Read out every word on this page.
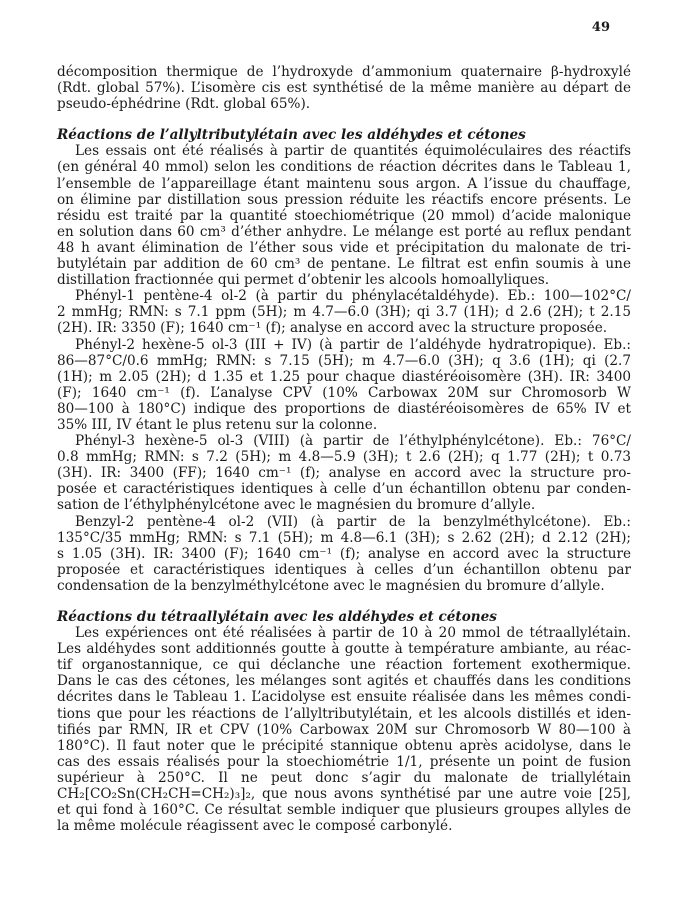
49
décomposition thermique de l’hydroxyde d’ammonium quaternaire β-hydroxylé
(Rdt. global 57%). L’isomère cis est synthétisé de la même manière au départ de
pseudo-éphédrine (Rdt. global 65%).
Réactions de l’allyltributylétain avec les aldéhydes et cétones
Les essais ont été réalisés à partir de quantités équimoléculaires des réactifs
(en général 40 mmol) selon les conditions de réaction décrites dans le Tableau 1,
l’ensemble de l’appareillage étant maintenu sous argon. A l’issue du chauffage,
on élimine par distillation sous pression réduite les réactifs encore présents. Le
résidu est traité par la quantité stoechiométrique (20 mmol) d’acide malonique
en solution dans 60 cm³ d’éther anhydre. Le mélange est porté au reflux pendant
48 h avant élimination de l’éther sous vide et précipitation du malonate de tri-
butylétain par addition de 60 cm³ de pentane. Le filtrat est enfin soumis à une
distillation fractionnée qui permet d’obtenir les alcools homoallyliques.
Phényl-1 pentène-4 ol-2 (à partir du phénylacétaldéhyde). Eb.: 100—102°C/
2 mmHg; RMN: s 7.1 ppm (5H); m 4.7—6.0 (3H); qi 3.7 (1H); d 2.6 (2H); t 2.15
(2H). IR: 3350 (F); 1640 cm⁻¹ (f); analyse en accord avec la structure proposée.
Phényl-2 hexène-5 ol-3 (III + IV) (à partir de l’aldéhyde hydratropique). Eb.:
86—87°C/0.6 mmHg; RMN: s 7.15 (5H); m 4.7—6.0 (3H); q 3.6 (1H); qi (2.7
(1H); m 2.05 (2H); d 1.35 et 1.25 pour chaque diastéréoisomère (3H). IR: 3400
(F); 1640 cm⁻¹ (f). L’analyse CPV (10% Carbowax 20M sur Chromosorb W
80—100 à 180°C) indique des proportions de diastéréoisomères de 65% IV et
35% III, IV étant le plus retenu sur la colonne.
Phényl-3 hexène-5 ol-3 (VIII) (à partir de l’éthylphénylcétone). Eb.: 76°C/
0.8 mmHg; RMN: s 7.2 (5H); m 4.8—5.9 (3H); t 2.6 (2H); q 1.77 (2H); t 0.73
(3H). IR: 3400 (FF); 1640 cm⁻¹ (f); analyse en accord avec la structure pro-
posée et caractéristiques identiques à celle d’un échantillon obtenu par conden-
sation de l’éthylphénylcétone avec le magnésien du bromure d’allyle.
Benzyl-2 pentène-4 ol-2 (VII) (à partir de la benzylméthylcétone). Eb.:
135°C/35 mmHg; RMN: s 7.1 (5H); m 4.8—6.1 (3H); s 2.62 (2H); d 2.12 (2H);
s 1.05 (3H). IR: 3400 (F); 1640 cm⁻¹ (f); analyse en accord avec la structure
proposée et caractéristiques identiques à celles d’un échantillon obtenu par
condensation de la benzylméthylcétone avec le magnésien du bromure d’allyle.
Réactions du tétraallylétain avec les aldéhydes et cétones
Les expériences ont été réalisées à partir de 10 à 20 mmol de tétraallylétain.
Les aldéhydes sont additionnés goutte à goutte à température ambiante, au réac-
tif organostannique, ce qui déclanche une réaction fortement exothermique.
Dans le cas des cétones, les mélanges sont agités et chauffés dans les conditions
décrites dans le Tableau 1. L’acidolyse est ensuite réalisée dans les mêmes condi-
tions que pour les réactions de l’allyltributylétain, et les alcools distillés et iden-
tifiés par RMN, IR et CPV (10% Carbowax 20M sur Chromosorb W 80—100 à
180°C). Il faut noter que le précipité stannique obtenu après acidolyse, dans le
cas des essais réalisés pour la stoechiométrie 1/1, présente un point de fusion
supérieur à 250°C. Il ne peut donc s’agir du malonate de triallylétain
CH₂[CO₂Sn(CH₂CH=CH₂)₃]₂, que nous avons synthétisé par une autre voie [25],
et qui fond à 160°C. Ce résultat semble indiquer que plusieurs groupes allyles de
la même molécule réagissent avec le composé carbonylé.
